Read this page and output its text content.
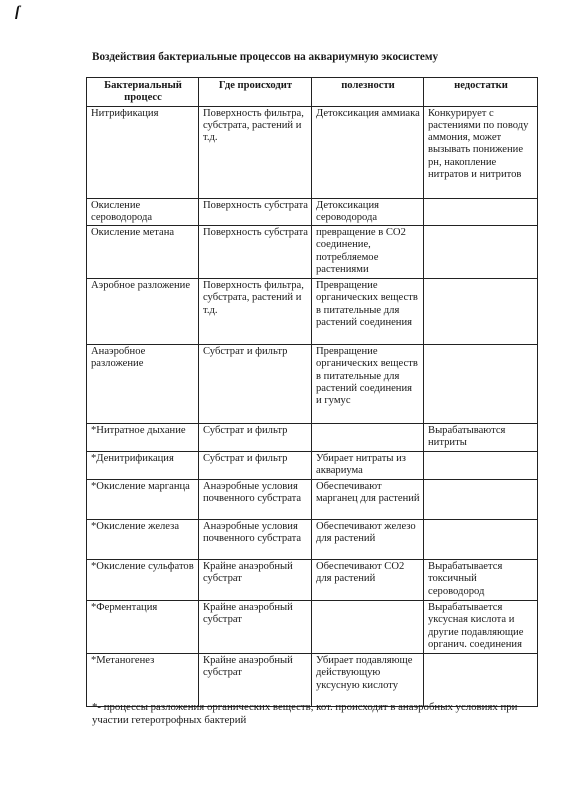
ſ
Воздействия бактериальные процессов на аквариумную экосистему
Бактериальный процесс	Где происходит	полезности	недостатки
Нитрификация	Поверхность фильтра, субстрата, растений и т.д.	Детоксикация аммиака	Конкурирует с растениями по поводу аммония, может вызывать понижение рн, накопление нитратов и нитритов
Окисление сероводорода	Поверхность субстрата	Детоксикация сероводорода	
Окисление метана	Поверхность субстрата	превращение в СО2 соединение, потребляемое растениями	
Аэробное разложение	Поверхность фильтра, субстрата, растений и т.д.	Превращение органических веществ в питательные для растений соединения	
Анаэробное разложение	Субстрат и фильтр	Превращение органических веществ в питательные для растений соединения и гумус	
*Нитратное дыхание	Субстрат и фильтр		Вырабатываются нитриты
*Денитрификация	Субстрат и фильтр	Убирает нитраты из аквариума	
*Окисление марганца	Анаэробные условия почвенного субстрата	Обеспечивают марганец для растений	
*Окисление железа	Анаэробные условия почвенного субстрата	Обеспечивают железо для растений	
*Окисление сульфатов	Крайне анаэробный субстрат	Обеспечивают СО2 для растений	Вырабатывается токсичный сероводород
*Ферментация	Крайне анаэробный субстрат		Вырабатывается уксусная кислота и другие подавляющие органич. соединения
*Метаногенез	Крайне анаэробный субстрат	Убирает подавляюще действующую уксусную кислоту	
*- процессы разложения органических веществ, кот. происходят в анаэробных условиях при участии гетеротрофных бактерий
